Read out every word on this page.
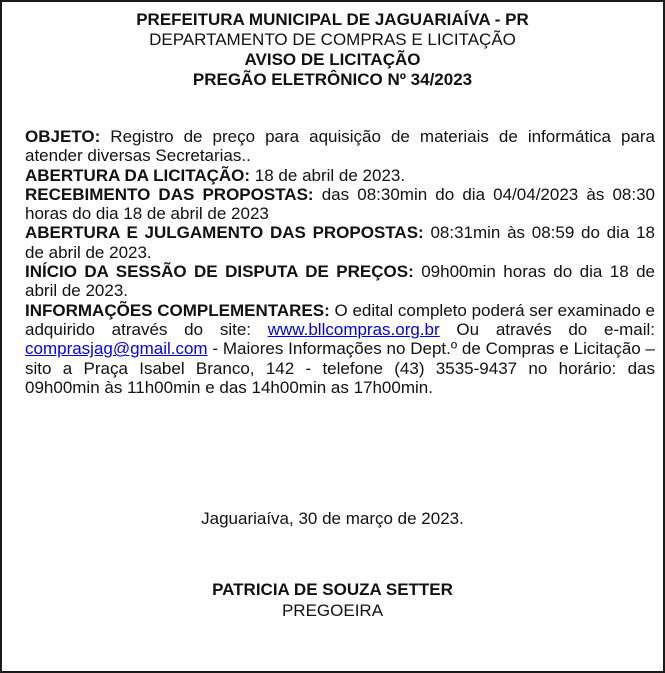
PREFEITURA MUNICIPAL DE JAGUARIAÍVA - PR
DEPARTAMENTO DE COMPRAS E LICITAÇÃO
AVISO DE LICITAÇÃO
PREGÃO ELETRÔNICO Nº 34/2023

OBJETO: Registro de preço para aquisição de materiais de informática para atender diversas Secretarias..

ABERTURA DA LICITAÇÃO: 18 de abril de 2023.

RECEBIMENTO DAS PROPOSTAS: das 08:30min do dia 04/04/2023 às 08:30 horas do dia 18 de abril de 2023

ABERTURA E JULGAMENTO DAS PROPOSTAS: 08:31min às 08:59 do dia 18 de abril de 2023.

INÍCIO DA SESSÃO DE DISPUTA DE PREÇOS: 09h00min horas do dia 18 de abril de 2023.

INFORMAÇÕES COMPLEMENTARES: O edital completo poderá ser examinado e adquirido através do site: www.bllcompras.org.br Ou através do e-mail: comprasjag@gmail.com - Maiores Informações no Dept.º de Compras e Licitação – sito a Praça Isabel Branco, 142 - telefone (43) 3535-9437 no horário: das 09h00min às 11h00min e das 14h00min as 17h00min.

Jaguariaíva, 30 de março de 2023.
PATRICIA DE SOUZA SETTER
PREGOEIRA
